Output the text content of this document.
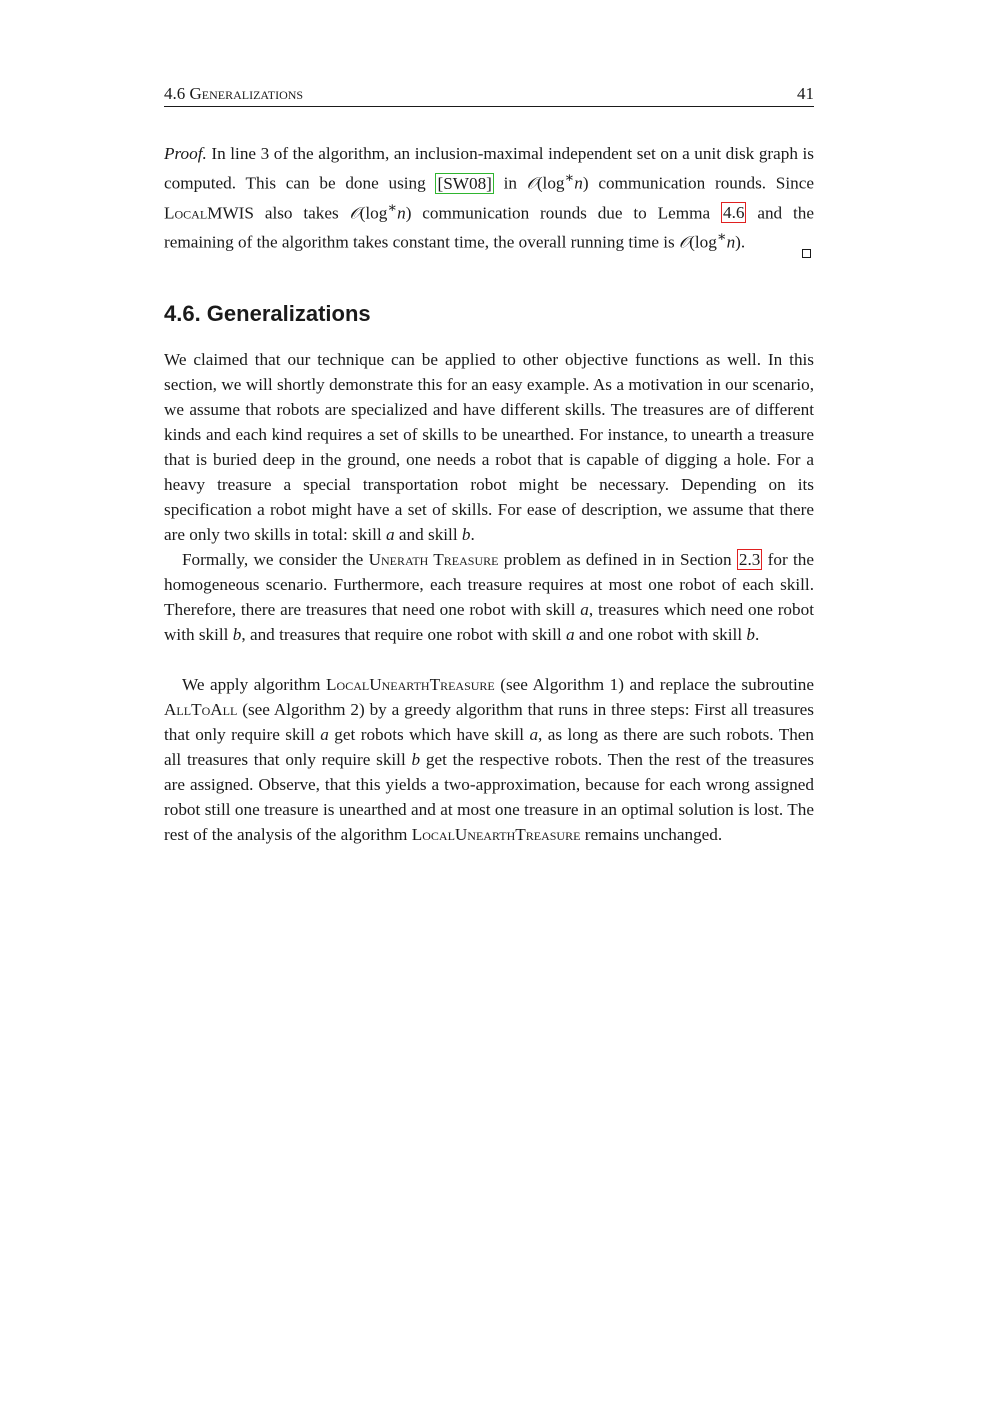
4.6 Generalizations	41
Proof. In line 3 of the algorithm, an inclusion-maximal independent set on a unit disk graph is computed. This can be done using [SW08] in 𝒪(log∗n) communication rounds. Since LocalMWIS also takes 𝒪(log∗n) communication rounds due to Lemma 4.6 and the remaining of the algorithm takes constant time, the overall running time is 𝒪(log∗n).
4.6. Generalizations
We claimed that our technique can be applied to other objective functions as well. In this section, we will shortly demonstrate this for an easy example. As a motivation in our scenario, we assume that robots are specialized and have different skills. The treasures are of different kinds and each kind requires a set of skills to be unearthed. For instance, to unearth a treasure that is buried deep in the ground, one needs a robot that is capable of digging a hole. For a heavy treasure a special transportation robot might be necessary. Depending on its specification a robot might have a set of skills. For ease of description, we assume that there are only two skills in total: skill a and skill b.
Formally, we consider the Unerath Treasure problem as defined in in Section 2.3 for the homogeneous scenario. Furthermore, each treasure requires at most one robot of each skill. Therefore, there are treasures that need one robot with skill a, treasures which need one robot with skill b, and treasures that require one robot with skill a and one robot with skill b.
We apply algorithm LocalUnearthTreasure (see Algorithm 1) and replace the subroutine AllToAll (see Algorithm 2) by a greedy algorithm that runs in three steps: First all treasures that only require skill a get robots which have skill a, as long as there are such robots. Then all treasures that only require skill b get the respective robots. Then the rest of the treasures are assigned. Observe, that this yields a two-approximation, because for each wrong assigned robot still one treasure is unearthed and at most one treasure in an optimal solution is lost. The rest of the analysis of the algorithm LocalUnearthTreasure remains unchanged.
